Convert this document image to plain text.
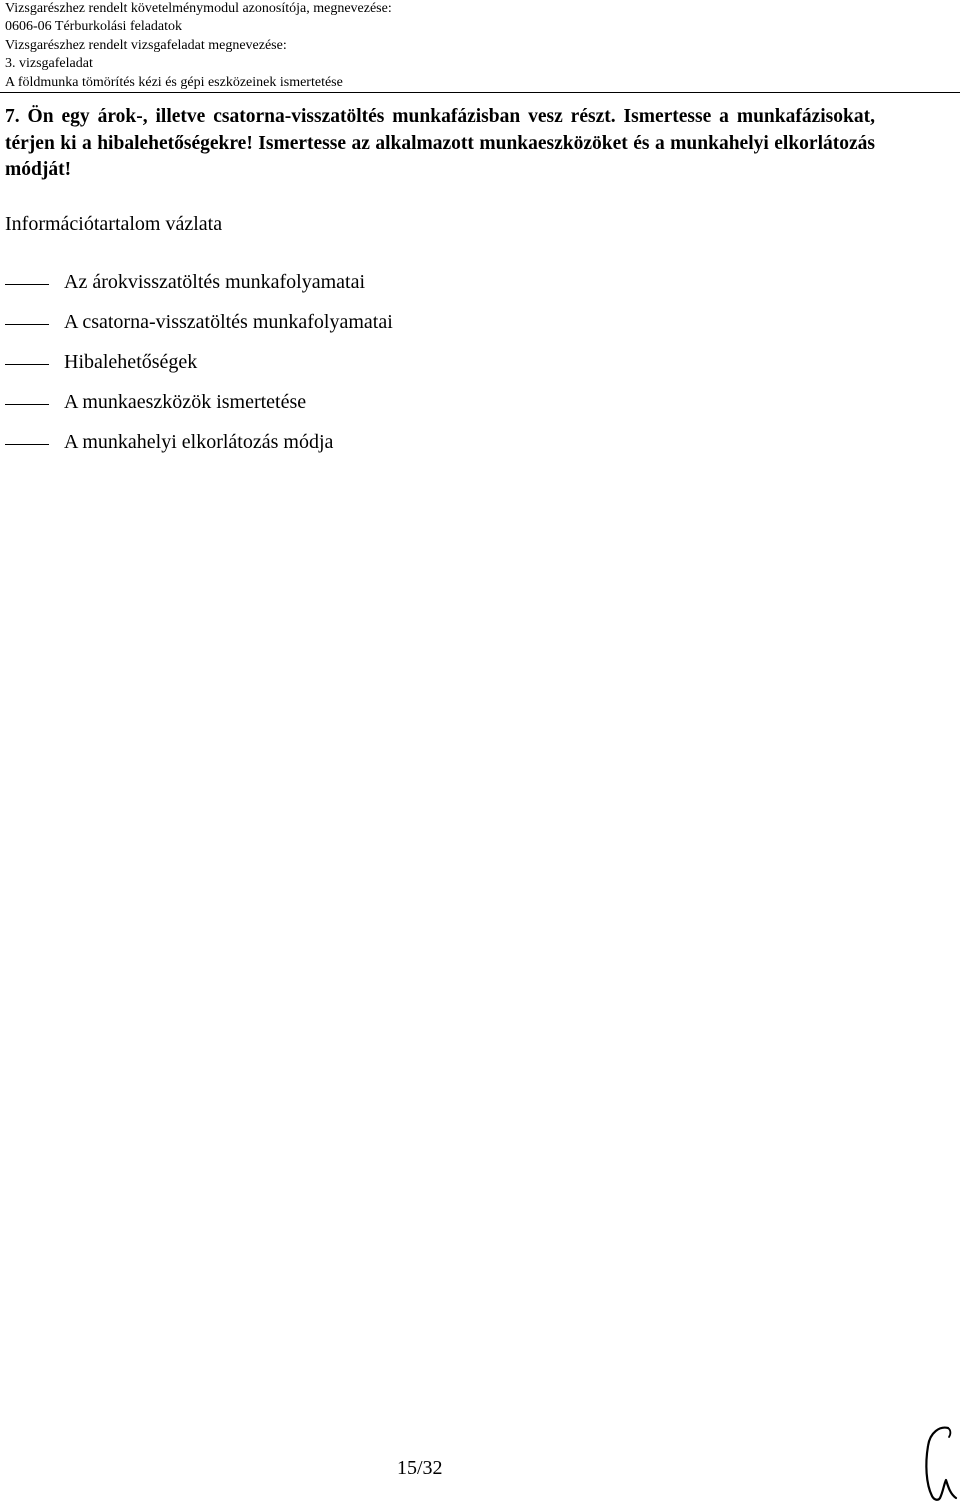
Vizsgarészhez rendelt követelménymodul azonosítója, megnevezése:
0606-06 Térburkolási feladatok
Vizsgarészhez rendelt vizsgafeladat megnevezése:
3. vizsgafeladat
A földmunka tömörítés kézi és gépi eszközeinek ismertetése

7. Ön egy árok-, illetve csatorna-visszatöltés munkafázisban vesz részt. Ismertesse a munkafázisokat, térjen ki a hibalehetőségekre! Ismertesse az alkalmazott munkaeszközöket és a munkahelyi elkorlátozás módját!

Információtartalom vázlata
Az árokvisszatöltés munkafolyamatai
A csatorna-visszatöltés munkafolyamatai
Hibalehetőségek
A munkaeszközök ismertetése
A munkahelyi elkorlátozás módja
15/32
